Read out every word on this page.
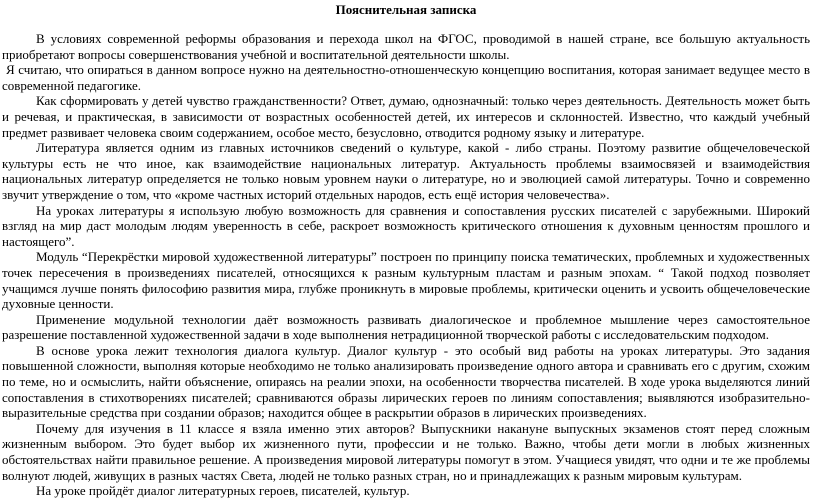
Пояснительная записка

В условиях современной реформы образования и перехода школ на ФГОС, проводимой в нашей стране, все большую актуальность приобретают вопросы совершенствования учебной и воспитательной деятельности школы.

Я считаю, что опираться в данном вопросе нужно на деятельностно-отношенческую концепцию воспитания, которая занимает ведущее место в современной педагогике.

Как сформировать у детей чувство гражданственности? Ответ, думаю, однозначный: только через деятельность. Деятельность может быть и речевая, и практическая, в зависимости от возрастных особенностей детей, их интересов и склонностей. Известно, что каждый учебный предмет развивает человека своим содержанием, особое место, безусловно, отводится родному языку и литературе.

Литература является одним из главных источников сведений о культуре, какой - либо страны. Поэтому развитие общечеловеческой культуры есть не что иное, как взаимодействие национальных литератур. Актуальность проблемы взаимосвязей и взаимодействия национальных литератур определяется не только новым уровнем науки о литературе, но и эволюцией самой литературы. Точно и современно звучит утверждение о том, что «кроме частных историй отдельных народов, есть ещё история человечества».

На уроках литературы я использую любую возможность для сравнения и сопоставления русских писателей с зарубежными. Широкий взгляд на мир даст молодым людям уверенность в себе, раскроет возможность критического отношения к духовным ценностям прошлого и настоящего”.

Модуль “Перекрёстки мировой художественной литературы” построен по принципу поиска тематических, проблемных и художественных точек пересечения в произведениях писателей, относящихся к разным культурным пластам и разным эпохам. “ Такой подход позволяет учащимся лучше понять философию развития мира, глубже проникнуть в мировые проблемы, критически оценить и усвоить общечеловеческие духовные ценности.

Применение модульной технологии даёт возможность развивать диалогическое и проблемное мышление через самостоятельное разрешение поставленной художественной задачи в ходе выполнения нетрадиционной творческой работы с исследовательским подходом.

В основе урока лежит технология диалога культур. Диалог культур - это особый вид работы на уроках литературы. Это задания повышенной сложности, выполняя которые необходимо не только анализировать произведение одного автора и сравнивать его с другим, схожим по теме, но и осмыслить, найти объяснение, опираясь на реалии эпохи, на особенности творчества писателей. В ходе урока выделяются линий сопоставления в стихотворениях писателей; сравниваются образы лирических героев по линиям сопоставления; выявляются изобразительно-выразительные средства при создании образов; находится общее в раскрытии образов в лирических произведениях.

Почему для изучения в 11 классе я взяла именно этих авторов? Выпускники накануне выпускных экзаменов стоят перед сложным жизненным выбором. Это будет выбор их жизненного пути, профессии и не только. Важно, чтобы дети могли в любых жизненных обстоятельствах найти правильное решение. А произведения мировой литературы помогут в этом. Учащиеся увидят, что одни и те же проблемы волнуют людей, живущих в разных частях Света, людей не только разных стран, но и принадлежащих к разным мировым культурам.

На уроке пройдёт диалог литературных героев, писателей, культур.
